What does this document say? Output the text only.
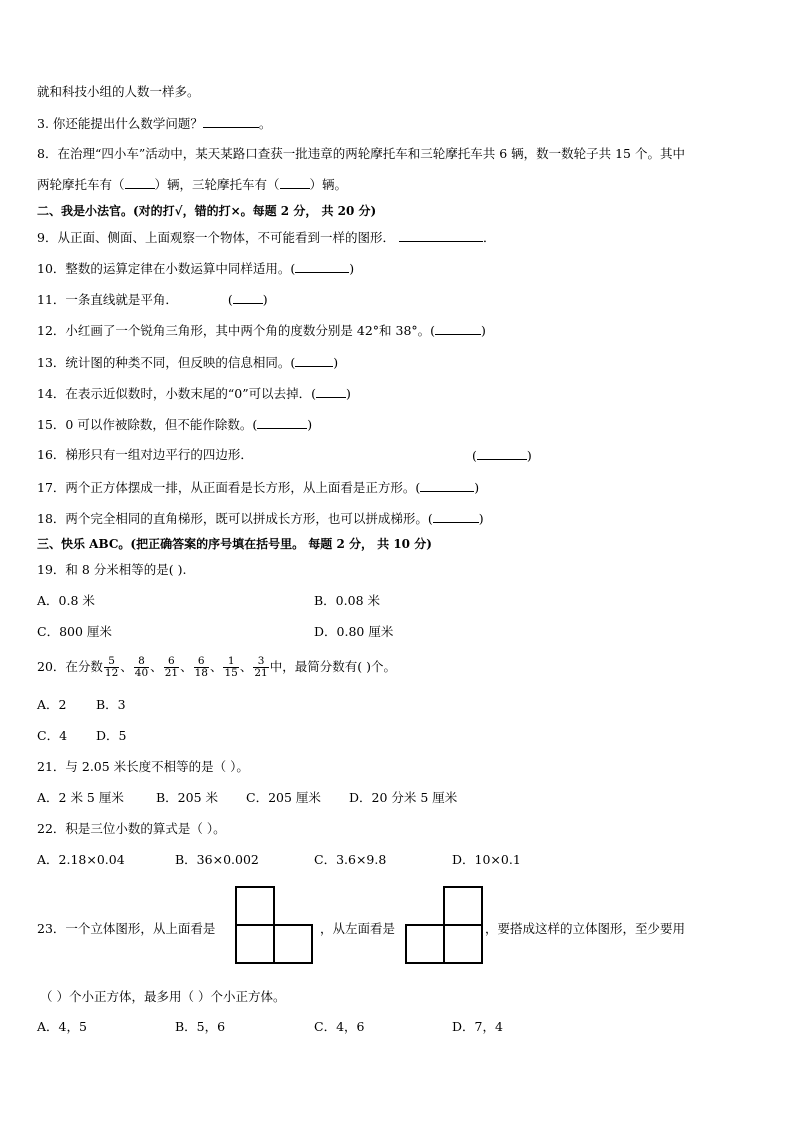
就和科技小组的人数一样多。
3. 你还能提出什么数学问题？	。
8．在治理“四小车”活动中，某天某路口查获一批违章的两轮摩托车和三轮摩托车共 6 辆，数一数轮子共 15 个。其中
两轮摩托车有（ ）辆，三轮摩托车有（ ）辆。
二、我是小法官。(对的打√，错的打×。每题 2 分， 共 20 分)
9．从正面、侧面、上面观察一个物体，不可能看到一样的图形．	．
10．整数的运算定律在小数运算中同样适用。(	)
11．一条直线就是平角．	( )
12．小红画了一个锐角三角形，其中两个角的度数分别是 42°和 38°。(	)
13．统计图的种类不同，但反映的信息相同。(	)
14．在表示近似数时，小数末尾的“0”可以去掉．( )
15．0 可以作被除数，但不能作除数。(	)
16．梯形只有一组对边平行的四边形．	(	)
17．两个正方体摆成一排，从正面看是长方形，从上面看是正方形。(	)
18．两个完全相同的直角梯形，既可以拼成长方形，也可以拼成梯形。(	)
三、快乐 ABC。(把正确答案的序号填在括号里。 每题 2 分， 共 10 分)
19．和 8 分米相等的是( ).
A．0.8 米	B．0.08 米
C．800 厘米	D．0.80 厘米
20．在分数 $\frac{5}{12}$ 、 $\frac{8}{40}$ 、 $\frac{6}{21}$ 、 $\frac{6}{18}$ 、 $\frac{1}{15}$ 、 $\frac{3}{21}$ 中，最简分数有( )个。
A．2 B．3
C．4 D．5
21．与 2.05 米长度不相等的是（ ）。
A．2 米 5 厘米	B．205 米 C．205 厘米 D．20 分米 5 厘米
22．积是三位小数的算式是（ ）。
A．2.18×0.04	B．36×0.002	C．3.6×9.8	D．10×0.1
23．一个立体图形，从上面看是	，从左面看是	，要搭成这样的立体图形，至少要用
（ ）个小正方体，最多用（ ）个小正方体。
A．4，5	B．5，6	C．4，6	D．7，4
